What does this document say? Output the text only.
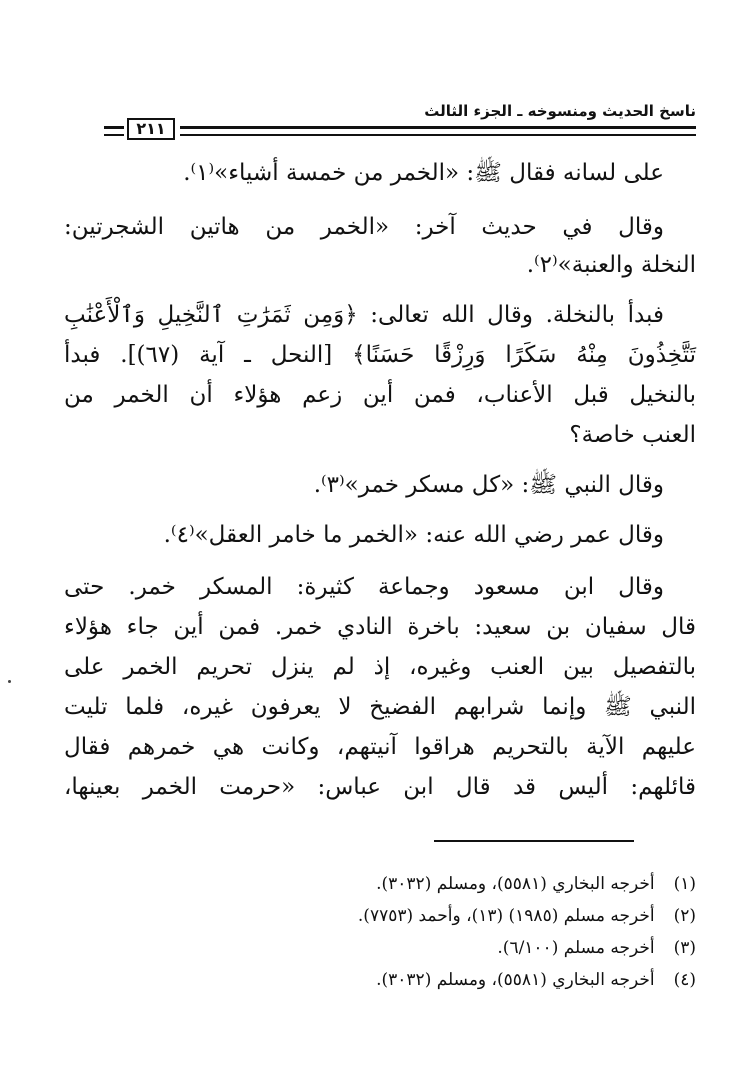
ناسخ الحديث ومنسوخه ـ الجزء الثالث
٢١١
على لسانه فقال ﷺ: «الخمر من خمسة أشياء»⁽١⁾.
وقال في حديث آخر: «الخمر من هاتين الشجرتين:
النخلة والعنبة»⁽٢⁾.
فبدأ بالنخلة. وقال الله تعالى: ﴿وَمِن ثَمَرَٰتِ ٱلنَّخِيلِ وَٱلْأَعْنَٰبِ
تَتَّخِذُونَ مِنْهُ سَكَرًا وَرِزْقًا حَسَنًا﴾ [النحل ـ آية (٦٧)]. فبدأ
بالنخيل قبل الأعناب، فمن أين زعم هؤلاء أن الخمر من
العنب خاصة؟
وقال النبي ﷺ: «كل مسكر خمر»⁽٣⁾.
وقال عمر رضي الله عنه: «الخمر ما خامر العقل»⁽٤⁾.
وقال ابن مسعود وجماعة كثيرة: المسكر خمر. حتى
قال سفيان بن سعيد: باخرة النادي خمر. فمن أين جاء هؤلاء
بالتفصيل بين العنب وغيره، إذ لم ينزل تحريم الخمر على
النبي ﷺ وإنما شرابهم الفضيخ لا يعرفون غيره، فلما تليت
عليهم الآية بالتحريم هراقوا آنيتهم، وكانت هي خمرهم فقال
قائلهم: أليس قد قال ابن عباس: «حرمت الخمر بعينها،
(١) أخرجه البخاري (٥٥٨١)، ومسلم (٣٠٣٢).
(٢) أخرجه مسلم (١٩٨٥) (١٣)، وأحمد (٧٧٥٣).
(٣) أخرجه مسلم (٦/١٠٠).
(٤) أخرجه البخاري (٥٥٨١)، ومسلم (٣٠٣٢).
